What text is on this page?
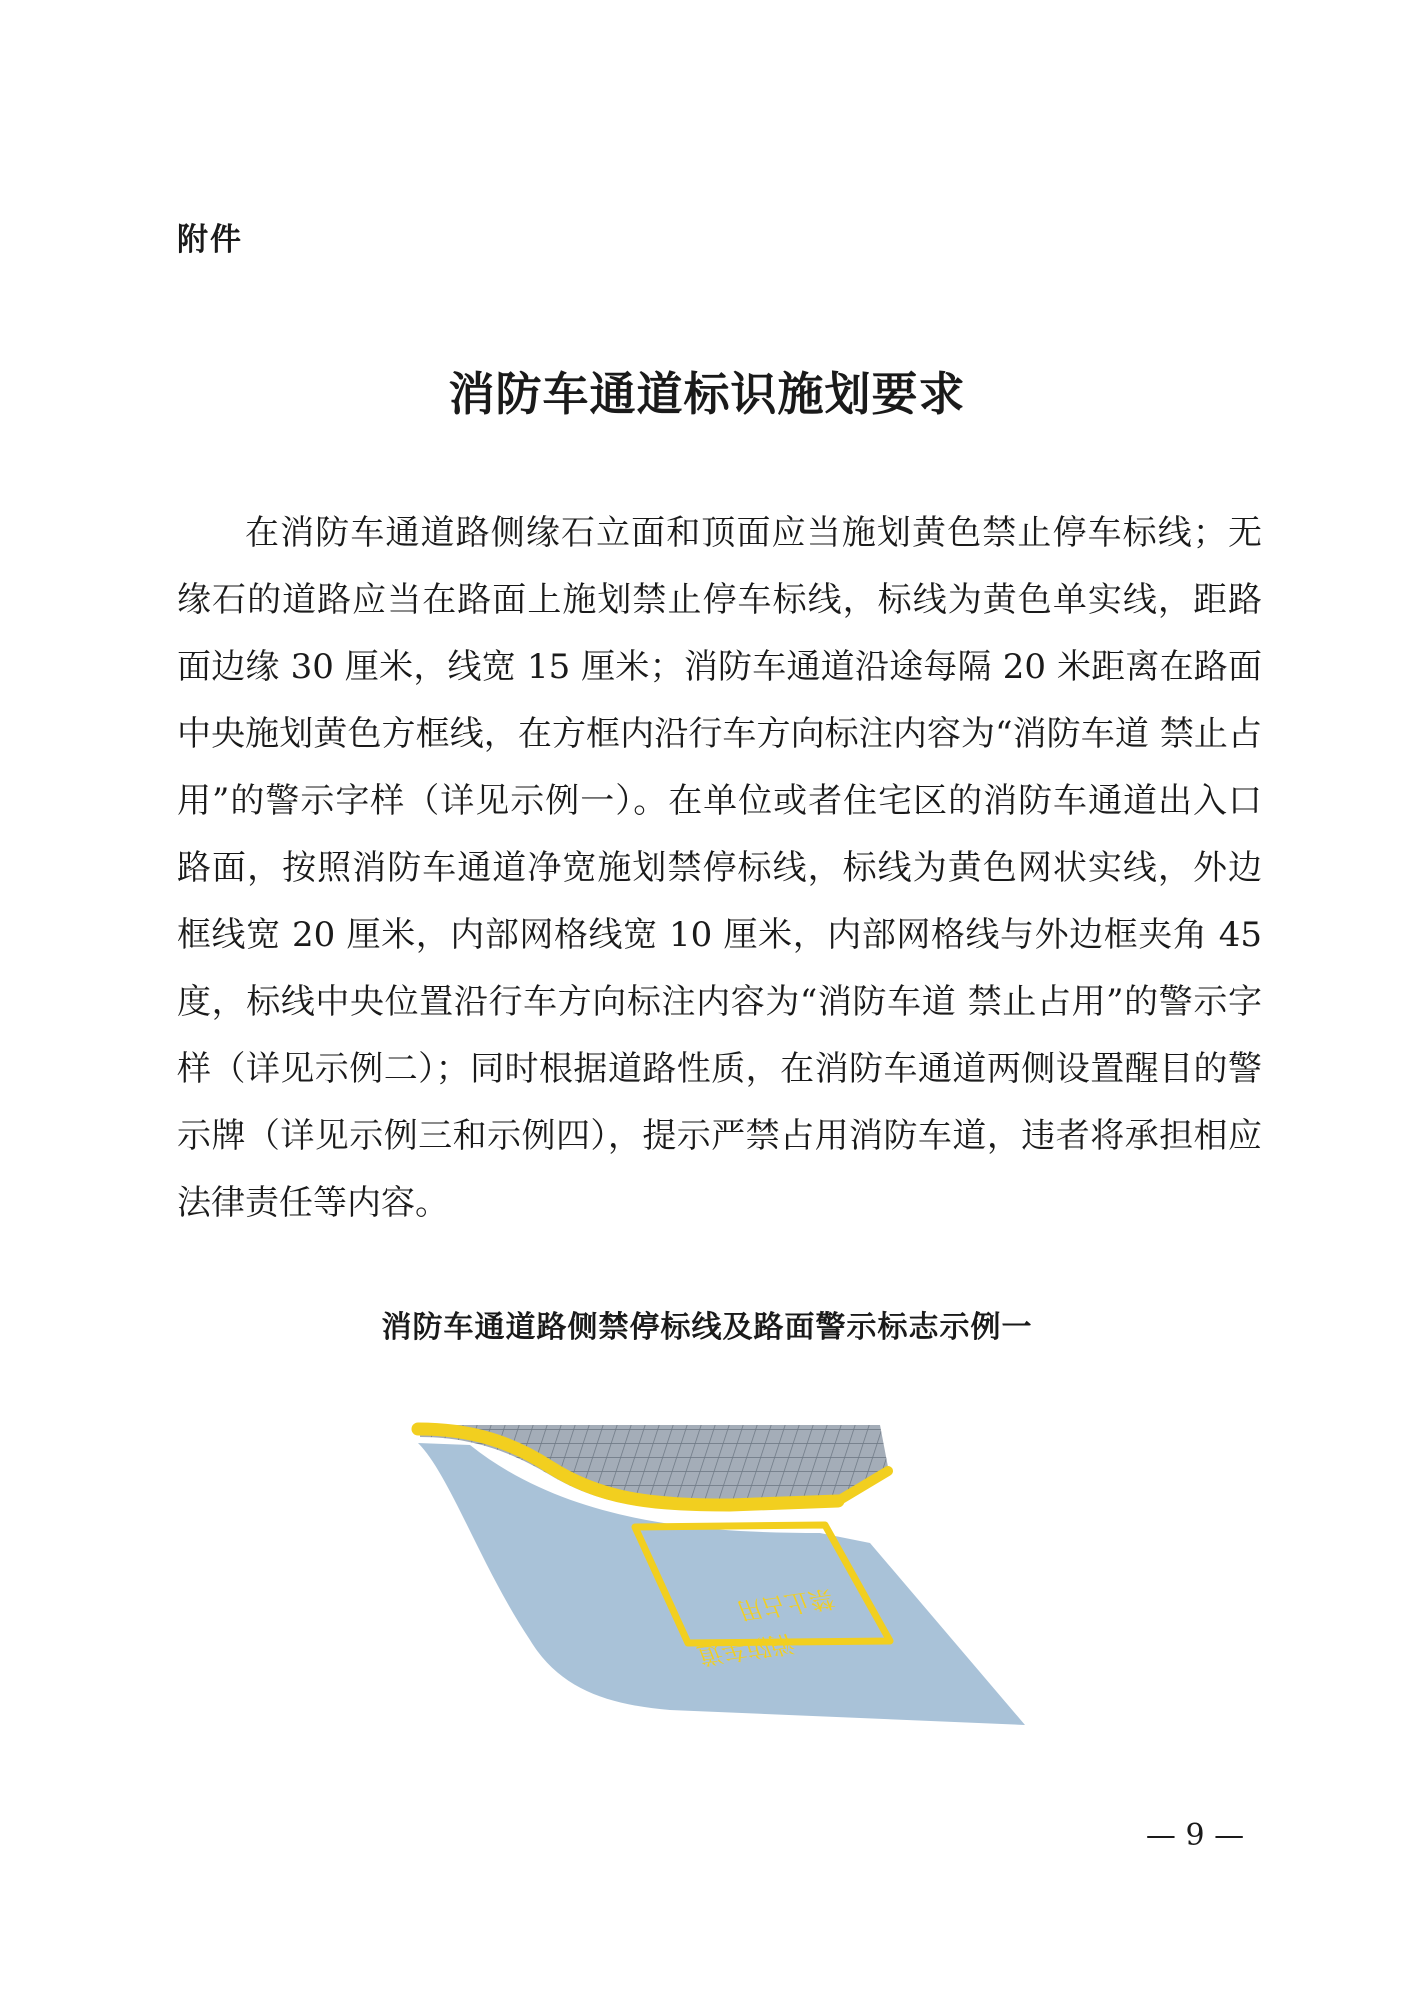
附件
消防车通道标识施划要求

在消防车通道路侧缘石立面和顶面应当施划黄色禁止停车标线；无缘石的道路应当在路面上施划禁止停车标线，标线为黄色单实线，距路面边缘 30 厘米，线宽 15 厘米；消防车通道沿途每隔 20 米距离在路面中央施划黄色方框线，在方框内沿行车方向标注内容为“消防车道 禁止占用”的警示字样（详见示例一）。在单位或者住宅区的消防车通道出入口路面，按照消防车通道净宽施划禁停标线，标线为黄色网状实线，外边框线宽 20 厘米，内部网格线宽 10 厘米，内部网格线与外边框夹角 45 度，标线中央位置沿行车方向标注内容为“消防车道 禁止占用”的警示字样（详见示例二）；同时根据道路性质，在消防车通道两侧设置醒目的警示牌（详见示例三和示例四），提示严禁占用消防车道，违者将承担相应法律责任等内容。

消防车通道路侧禁停标线及路面警示标志示例一
消防车道
禁止占用
— 9 —
